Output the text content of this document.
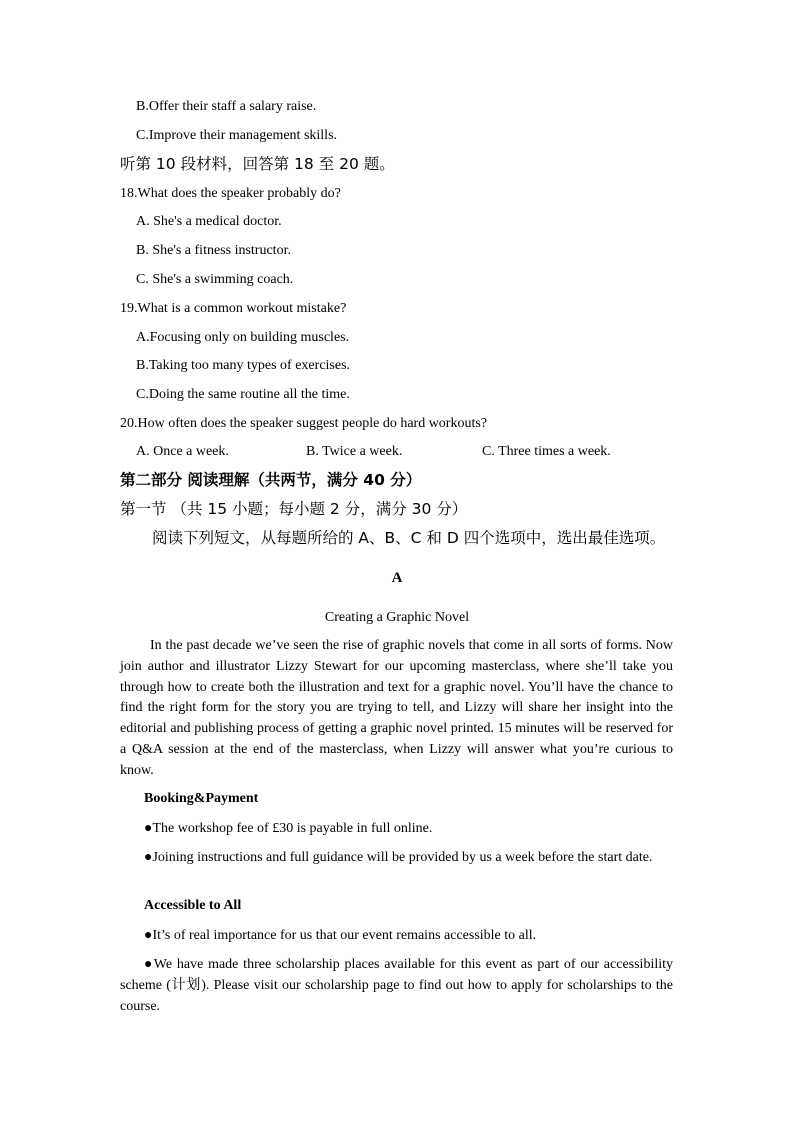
B.Offer their staff a salary raise.
C.Improve their management skills.
听第 10 段材料，回答第 18 至 20 题。
18.What does the speaker probably do?
A. She's a medical doctor.
B. She's a fitness instructor.
C. She's a swimming coach.
19.What is a common workout mistake?
A.Focusing only on building muscles.
B.Taking too many types of exercises.
C.Doing the same routine all the time.
20.How often does the speaker suggest people do hard workouts?
A. Once a week.	B. Twice a week.	C. Three times a week.
第二部分 阅读理解（共两节，满分 40 分）
第一节 （共 15 小题；每小题 2 分，满分 30 分）
阅读下列短文，从每题所给的 A、B、C 和 D 四个选项中，选出最佳选项。
A
Creating a Graphic Novel
In the past decade we’ve seen the rise of graphic novels that come in all sorts of forms. Now join author and illustrator Lizzy Stewart for our upcoming masterclass, where she’ll take you through how to create both the illustration and text for a graphic novel. You’ll have the chance to find the right form for the story you are trying to tell, and Lizzy will share her insight into the editorial and publishing process of getting a graphic novel printed. 15 minutes will be reserved for a Q&A session at the end of the masterclass, when Lizzy will answer what you’re curious to know.
Booking&Payment
●The workshop fee of £30 is payable in full online.
●Joining instructions and full guidance will be provided by us a week before the start date.
Accessible to All
●It’s of real importance for us that our event remains accessible to all.
●We have made three scholarship places available for this event as part of our accessibility scheme (计划). Please visit our scholarship page to find out how to apply for scholarships to the course.
